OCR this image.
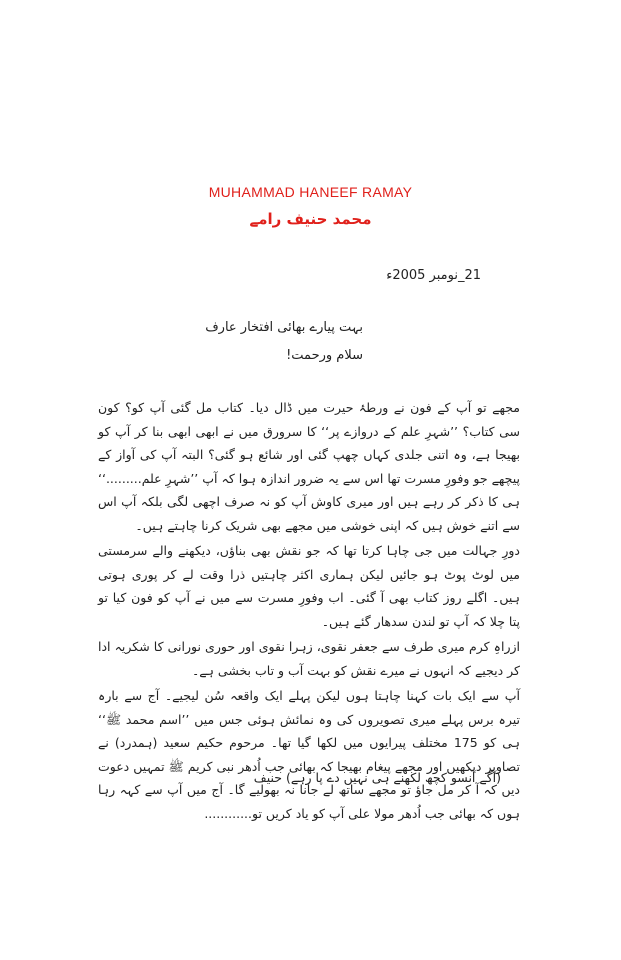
MUHAMMAD HANEEF RAMAY
محمد حنیف رامے
21_نومبر 2005ء
بہت پیارے بھائی افتخار عارف
سلام ورحمت!

مجھے تو آپ کے فون نے ورطۂ حیرت میں ڈال دیا۔ کتاب مل گئی آپ کو؟ کون سی کتاب؟ ’’شہرِ علم کے دروازے پر‘‘ کا سرورق میں نے ابھی ابھی بنا کر آپ کو بھیجا ہے، وہ اتنی جلدی کہاں چھپ گئی اور شائع ہو گئی؟ البتہ آپ کی آواز کے پیچھے جو وفورِ مسرت تھا اس سے یہ ضرور اندازہ ہوا کہ آپ ’’شہرِ علم.........‘‘ ہی کا ذکر کر رہے ہیں اور میری کاوش آپ کو نہ صرف اچھی لگی بلکہ آپ اس سے اتنے خوش ہیں کہ اپنی خوشی میں مجھے بھی شریک کرنا چاہتے ہیں۔

دورِ جہالت میں جی چاہا کرتا تھا کہ جو نقش بھی بناؤں، دیکھنے والے سرمستی میں لوٹ پوٹ ہو جائیں لیکن ہماری اکثر چاہتیں ذرا وقت لے کر پوری ہوتی ہیں۔ اگلے روز کتاب بھی آ گئی۔ اب وفورِ مسرت سے میں نے آپ کو فون کیا تو پتا چلا کہ آپ تو لندن سدھار گئے ہیں۔

ازراہِ کرم میری طرف سے جعفر نقوی، زہرا نقوی اور حوری نورانی کا شکریہ ادا کر دیجیے کہ انہوں نے میرے نقش کو بہت آب و تاب بخشی ہے۔

آپ سے ایک بات کہنا چاہتا ہوں لیکن پہلے ایک واقعہ سُن لیجیے۔ آج سے بارہ تیرہ برس پہلے میری تصویروں کی وہ نمائش ہوئی جس میں ’’اسم محمد ﷺ‘‘ ہی کو 175 مختلف پیرایوں میں لکھا گیا تھا۔ مرحوم حکیم سعید (ہمدرد) نے تصاویر دیکھیں اور مجھے پیغام بھیجا کہ بھائی جب اُدھر نبی کریم ﷺ تمہیں دعوت دیں کہ آ کر مل جاؤ تو مجھے ساتھ لے جانا نہ بھولیے گا۔ آج میں آپ سے کہہ رہا ہوں کہ بھائی جب اُدھر مولا علی آپ کو یاد کریں تو............

(آگے آنسو کچھ لکھنے ہی نہیں دے پا رہے) حنیف
